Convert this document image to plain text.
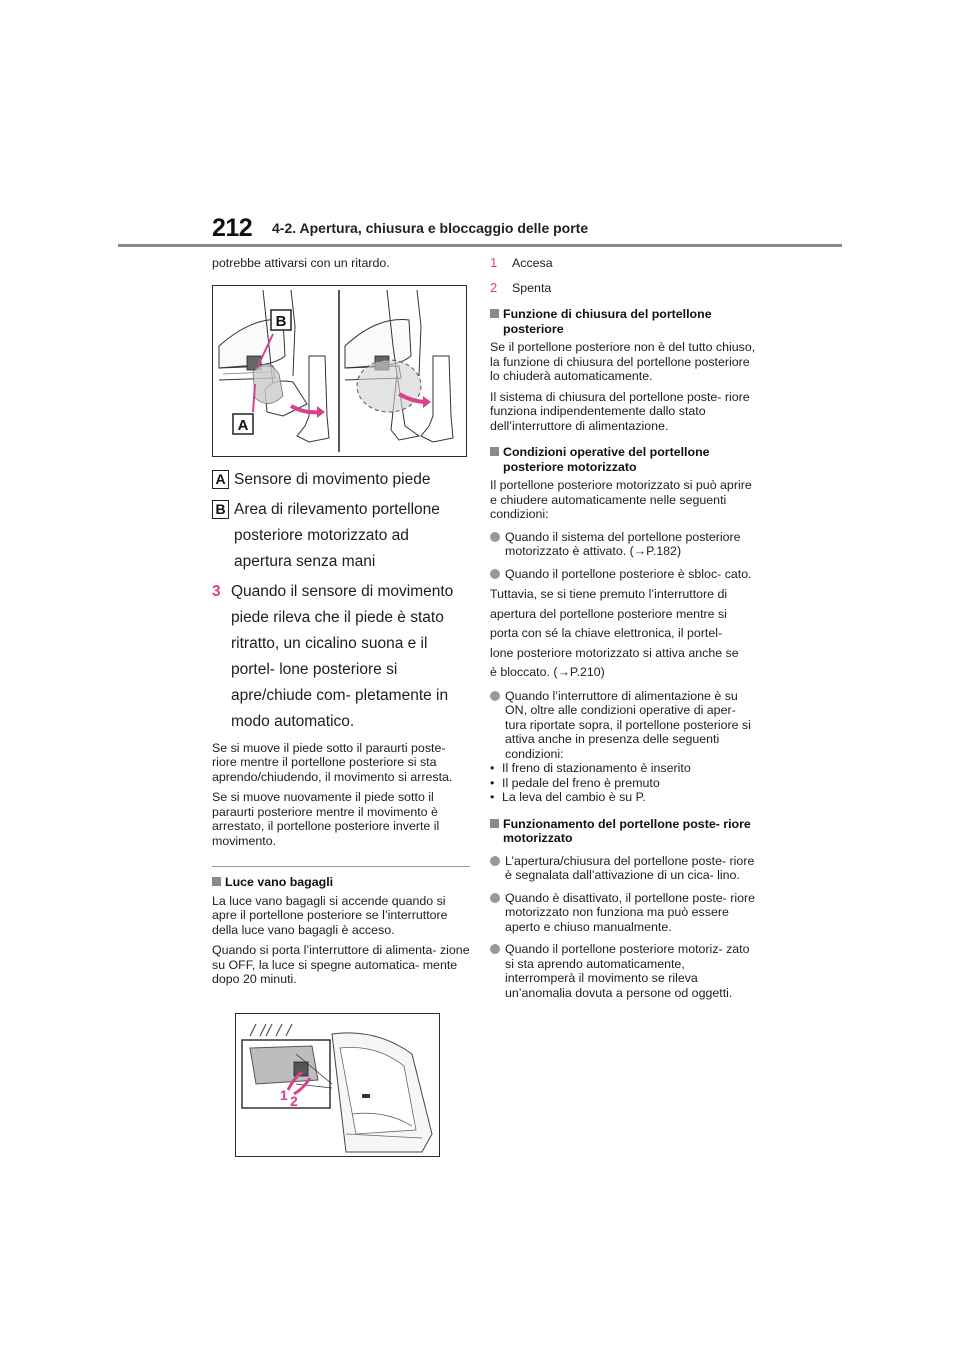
212 4-2. Apertura, chiusura e bloccaggio delle porte

potrebbe attivarsi con un ritardo.

B
A
A Sensore di movimento piede
B Area di rilevamento portellone posteriore motorizzato ad apertura senza mani
3 Quando il sensore di movimento piede rileva che il piede è stato ritratto, un cicalino suona e il portel- lone posteriore si apre/chiude com- pletamente in modo automatico.

Se si muove il piede sotto il paraurti poste- riore mentre il portellone posteriore si sta aprendo/chiudendo, il movimento si arresta.

Se si muove nuovamente il piede sotto il paraurti posteriore mentre il movimento è arrestato, il portellone posteriore inverte il movimento.

Luce vano bagagli

La luce vano bagagli si accende quando si apre il portellone posteriore se l’interruttore della luce vano bagagli è acceso.

Quando si porta l’interruttore di alimenta- zione su OFF, la luce si spegne automatica- mente dopo 20 minuti.

1 2
1	Accesa
2	Spenta
Funzione di chiusura del portellone posteriore

Se il portellone posteriore non è del tutto chiuso, la funzione di chiusura del portellone posteriore lo chiuderà automaticamente.

Il sistema di chiusura del portellone poste- riore funziona indipendentemente dallo stato dell’interruttore di alimentazione.

Condizioni operative del portellone posteriore motorizzato

Il portellone posteriore motorizzato si può aprire e chiudere automaticamente nelle seguenti condizioni:

Quando il sistema del portellone posteriore motorizzato è attivato. (→P.182)
Quando il portellone posteriore è sbloc- cato.
Tuttavia, se si tiene premuto l’interruttore di
apertura del portellone posteriore mentre si
porta con sé la chiave elettronica, il portel-
lone posteriore motorizzato si attiva anche se
è bloccato. (→P.210)
Quando l’interruttore di alimentazione è su ON, oltre alle condizioni operative di aper- tura riportate sopra, il portellone posteriore si attiva anche in presenza delle seguenti condizioni:
• Il freno di stazionamento è inserito
• Il pedale del freno è premuto
• La leva del cambio è su P.
Funzionamento del portellone poste- riore motorizzato
L’apertura/chiusura del portellone poste- riore è segnalata dall’attivazione di un cica- lino.
Quando è disattivato, il portellone poste- riore motorizzato non funziona ma può essere aperto e chiuso manualmente.
Quando il portellone posteriore motoriz- zato si sta aprendo automaticamente, interromperà il movimento se rileva un’anomalia dovuta a persone od oggetti.
